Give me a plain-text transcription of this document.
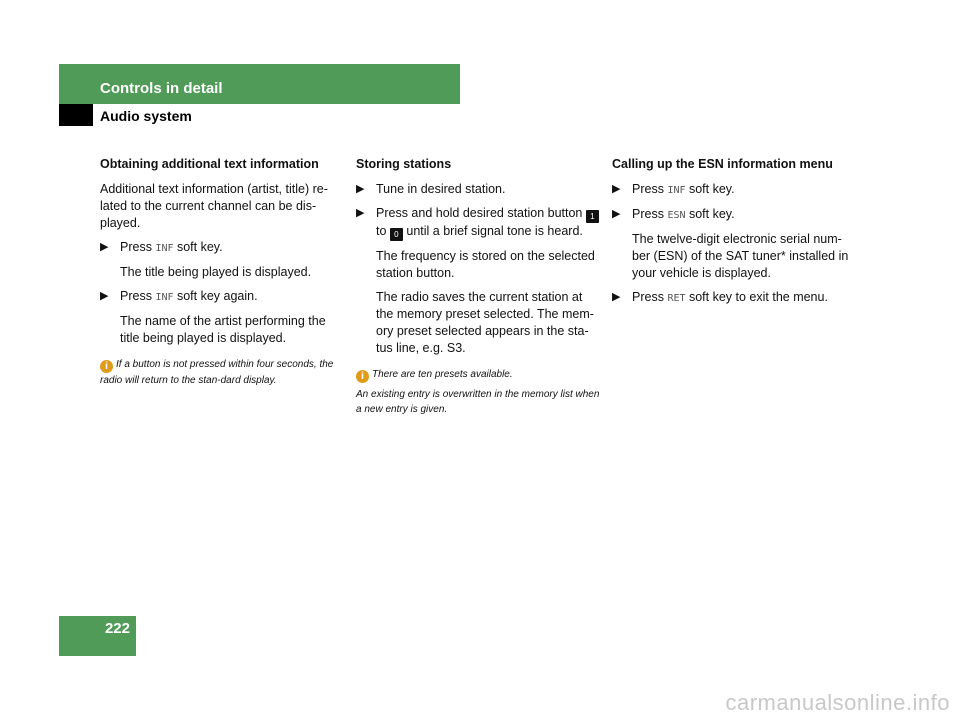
Controls in detail
Audio system

Obtaining additional text information

Additional text information (artist, title) re-lated to the current channel can be dis-played.

▶ Press INF soft key.

The title being played is displayed.

▶ Press INF soft key again.

The name of the artist performing the title being played is displayed.

i If a button is not pressed within four seconds, the radio will return to the stan-dard display.

Storing stations

▶ Tune in desired station.
▶ Press and hold desired station button 1 to 0 until a brief signal tone is heard.

The frequency is stored on the selected station button.

The radio saves the current station at the memory preset selected. The mem-ory preset selected appears in the sta-tus line, e.g. S3.

i There are ten presets available.

An existing entry is overwritten in the memory list when a new entry is given.

Calling up the ESN information menu

▶ Press INF soft key.
▶ Press ESN soft key.

The twelve-digit electronic serial num-ber (ESN) of the SAT tuner* installed in your vehicle is displayed.

▶ Press RET soft key to exit the menu.

222

carmanualsonline.info
